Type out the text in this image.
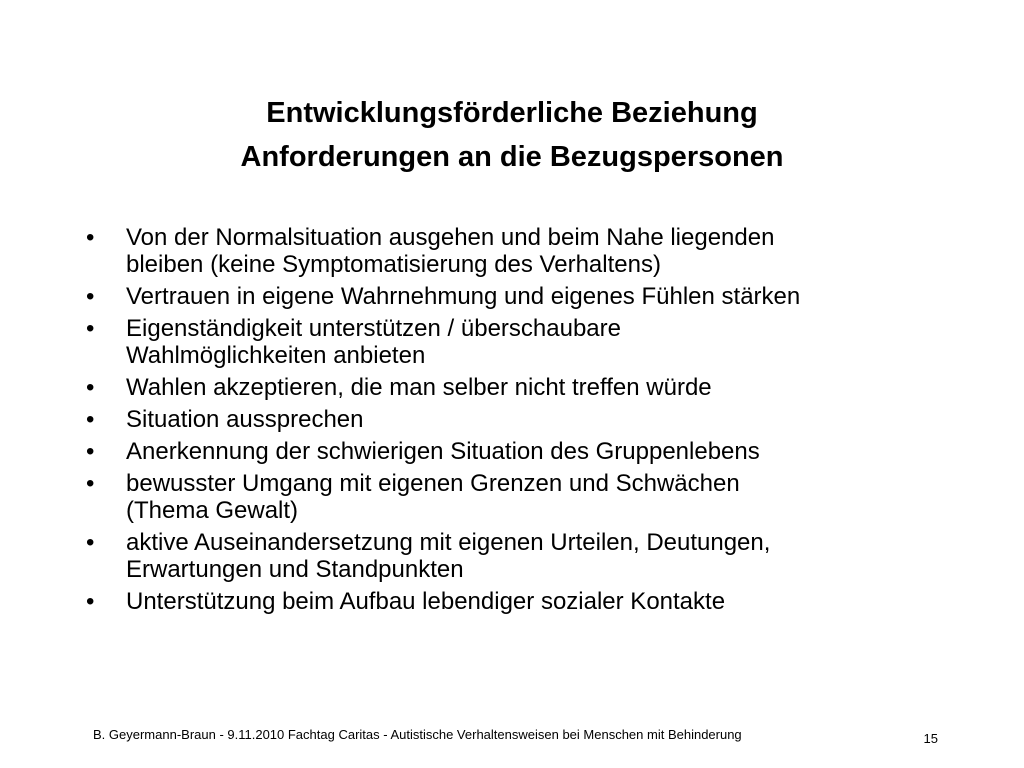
Entwicklungsförderliche Beziehung
Anforderungen an die Bezugspersonen
• Von der Normalsituation ausgehen und beim Nahe liegenden
bleiben (keine Symptomatisierung des Verhaltens)
• Vertrauen in eigene Wahrnehmung und eigenes Fühlen stärken
• Eigenständigkeit unterstützen / überschaubare
Wahlmöglichkeiten anbieten
• Wahlen akzeptieren, die man selber nicht treffen würde
• Situation aussprechen
• Anerkennung der schwierigen Situation des Gruppenlebens
• bewusster Umgang mit eigenen Grenzen und Schwächen
(Thema Gewalt)
• aktive Auseinandersetzung mit eigenen Urteilen, Deutungen,
Erwartungen und Standpunkten
• Unterstützung beim Aufbau lebendiger sozialer Kontakte
B. Geyermann-Braun - 9.11.2010 Fachtag Caritas - Autistische Verhaltensweisen bei Menschen mit Behinderung	15
